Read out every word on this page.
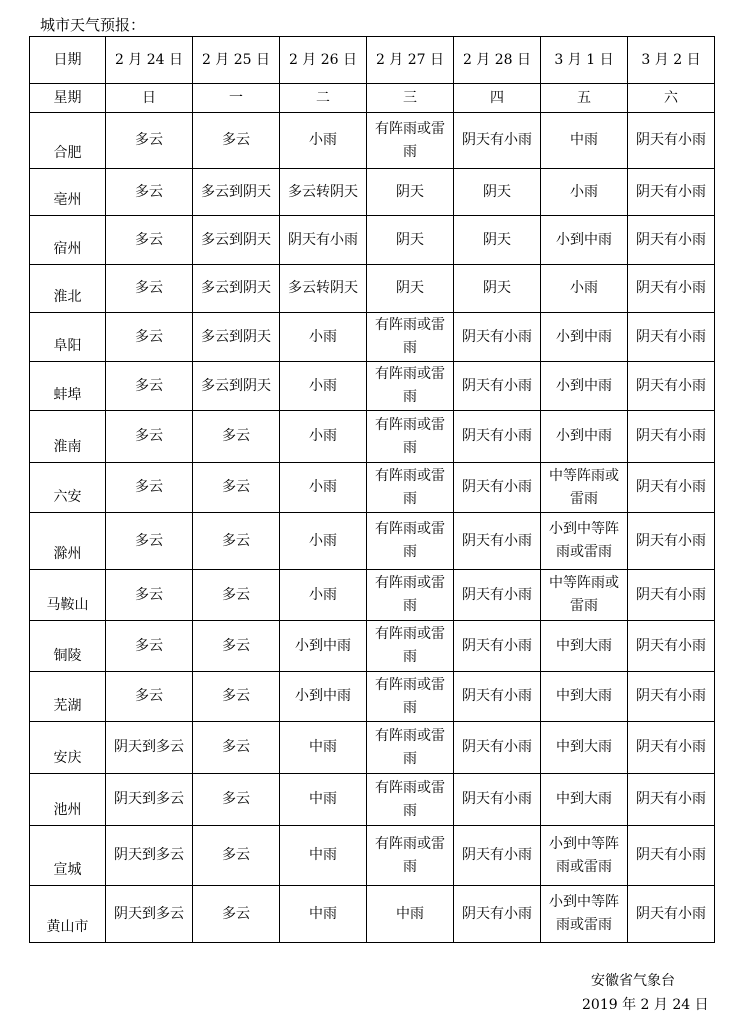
城市天气预报：
日期	2 月 24 日	2 月 25 日	2 月 26 日	2 月 27 日	2 月 28 日	3 月 1 日	3 月 2 日

星期	日	一	二	三	四	五	六

合肥	多云	多云	小雨	有阵雨或雷雨	阴天有小雨	中雨	阴天有小雨

亳州	多云	多云到阴天	多云转阴天	阴天	阴天	小雨	阴天有小雨

宿州	多云	多云到阴天	阴天有小雨	阴天	阴天	小到中雨	阴天有小雨

淮北	多云	多云到阴天	多云转阴天	阴天	阴天	小雨	阴天有小雨

阜阳	多云	多云到阴天	小雨	有阵雨或雷雨	阴天有小雨	小到中雨	阴天有小雨

蚌埠	多云	多云到阴天	小雨	有阵雨或雷雨	阴天有小雨	小到中雨	阴天有小雨

淮南	多云	多云	小雨	有阵雨或雷雨	阴天有小雨	小到中雨	阴天有小雨

六安	多云	多云	小雨	有阵雨或雷雨	阴天有小雨	中等阵雨或雷雨	阴天有小雨

滁州	多云	多云	小雨	有阵雨或雷雨	阴天有小雨	小到中等阵雨或雷雨	阴天有小雨

马鞍山	多云	多云	小雨	有阵雨或雷雨	阴天有小雨	中等阵雨或雷雨	阴天有小雨

铜陵	多云	多云	小到中雨	有阵雨或雷雨	阴天有小雨	中到大雨	阴天有小雨

芜湖	多云	多云	小到中雨	有阵雨或雷雨	阴天有小雨	中到大雨	阴天有小雨

安庆	阴天到多云	多云	中雨	有阵雨或雷雨	阴天有小雨	中到大雨	阴天有小雨

池州	阴天到多云	多云	中雨	有阵雨或雷雨	阴天有小雨	中到大雨	阴天有小雨

宣城	阴天到多云	多云	中雨	有阵雨或雷雨	阴天有小雨	小到中等阵雨或雷雨	阴天有小雨

黄山市	阴天到多云	多云	中雨	中雨	阴天有小雨	小到中等阵雨或雷雨	阴天有小雨
安徽省气象台
2019 年 2 月 24 日
